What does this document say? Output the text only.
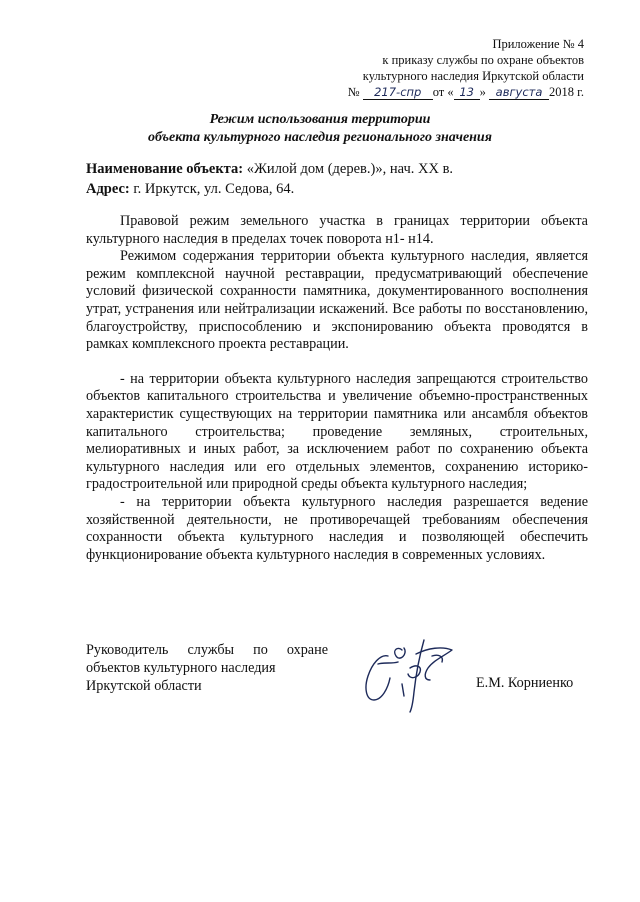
Приложение № 4
к приказу службы по охране объектов
культурного наследия Иркутской области
№ 217-спр от « 13 » августа 2018 г.
Режим использования территории
объекта культурного наследия регионального значения
Наименование объекта: «Жилой дом (дерев.)», нач. XX в.
Адрес: г. Иркутск, ул. Седова, 64.

Правовой режим земельного участка в границах территории объекта культурного наследия в пределах точек поворота н1- н14.

Режимом содержания территории объекта культурного наследия, является режим комплексной научной реставрации, предусматривающий обеспечение условий физической сохранности памятника, документированного восполнения утрат, устранения или нейтрализации искажений. Все работы по восстановлению, благоустройству, приспособлению и экспонированию объекта проводятся в рамках комплексного проекта реставрации.

- на территории объекта культурного наследия запрещаются строительство объектов капитального строительства и увеличение объемно-пространственных характеристик существующих на территории памятника или ансамбля объектов капитального строительства; проведение земляных, строительных, мелиоративных и иных работ, за исключением работ по сохранению объекта культурного наследия или его отдельных элементов, сохранению историко-градостроительной или природной среды объекта культурного наследия;

- на территории объекта культурного наследия разрешается ведение хозяйственной деятельности, не противоречащей требованиям обеспечения сохранности объекта культурного наследия и позволяющей обеспечить функционирование объекта культурного наследия в современных условиях.

Руководитель службы по охране объектов культурного наследия
Иркутской области	Е.М. Корниенко
